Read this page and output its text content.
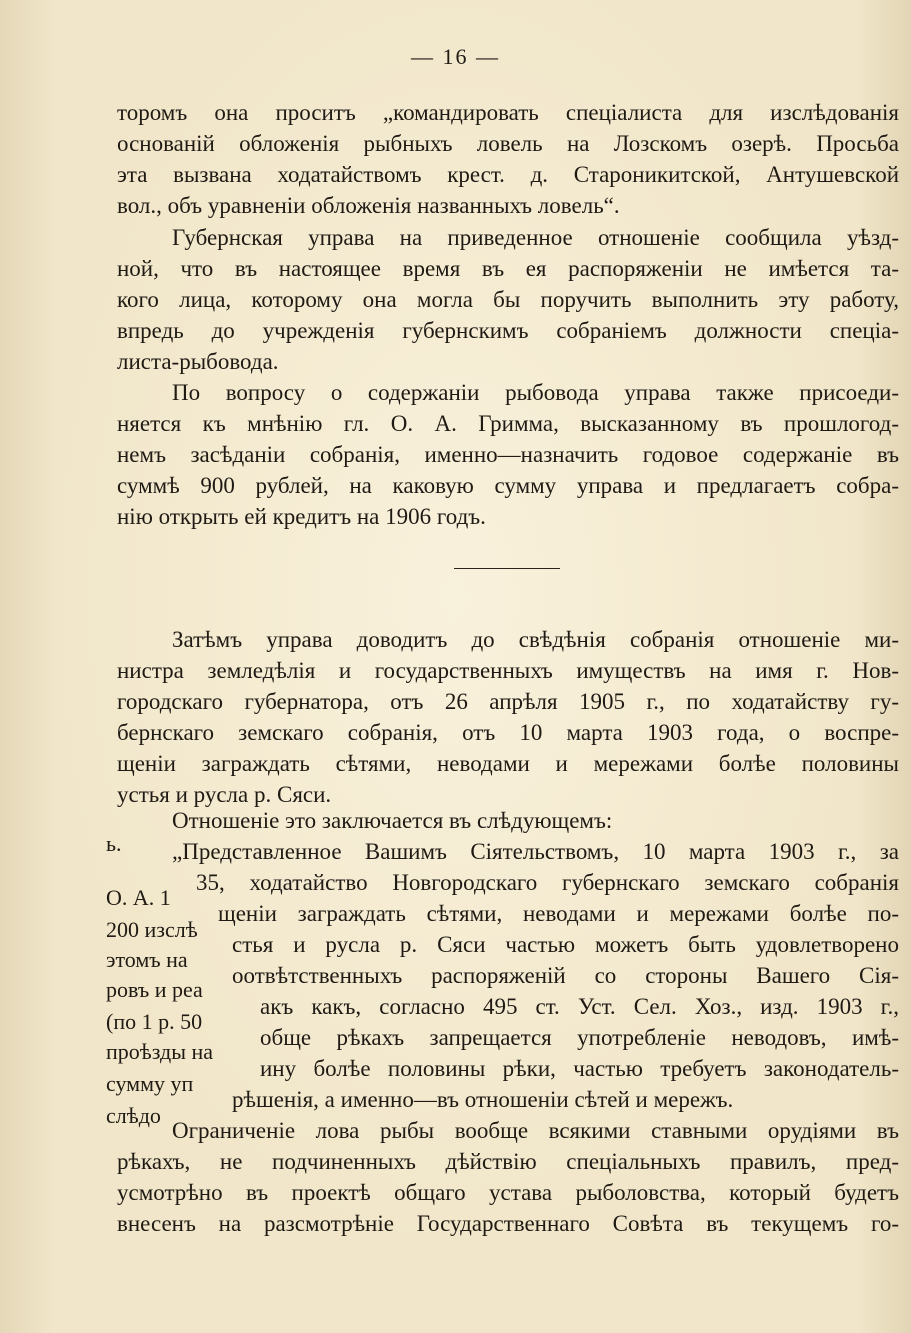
— 16 —
торомъ она проситъ „командировать спеціалиста для изслѣдованія
основаній обложенія рыбныхъ ловель на Лозскомъ озерѣ. Просьба
эта вызвана ходатайствомъ крест. д. Староникитской, Антушевской
вол., объ уравненіи обложенія названныхъ ловель“.
Губернская управа на приведенное отношеніе сообщила уѣзд-
ной, что въ настоящее время въ ея распоряженіи не имѣется та-
кого лица, которому она могла бы поручить выполнить эту работу,
впредь до учрежденія губернскимъ собраніемъ должности спеціа-
листа-рыбовода.
По вопросу о содержаніи рыбовода управа также присоеди-
няется къ мнѣнію гл. О. А. Гримма, высказанному въ прошлогод-
немъ засѣданіи собранія, именно—назначить годовое содержаніе въ
суммѣ 900 рублей, на каковую сумму управа и предлагаетъ собра-
нію открыть ей кредитъ на 1906 годъ.
Затѣмъ управа доводитъ до свѣдѣнія собранія отношеніе ми-
нистра земледѣлія и государственныхъ имуществъ на имя г. Нов-
городскаго губернатора, отъ 26 апрѣля 1905 г., по ходатайству гу-
бернскаго земскаго собранія, отъ 10 марта 1903 года, о воспре-
щеніи заграждать сѣтями, неводами и мережами болѣе половины
устья и русла р. Сяси.
Отношеніе это заключается въ слѣдующемъ:
„Представленное Вашимъ Сіятельствомъ, 10 марта 1903 г., за
35, ходатайство Новгородскаго губернскаго земскаго собранія
щеніи заграждать сѣтями, неводами и мережами болѣе по-
стья и русла р. Сяси частью можетъ быть удовлетворено
оотвѣтственныхъ распоряженій со стороны Вашего Сія-
акъ какъ, согласно 495 ст. Уст. Сел. Хоз., изд. 1903 г.,
обще рѣкахъ запрещается употребленіе неводовъ, имѣ-
ину болѣе половины рѣки, частью требуетъ законодатель-
рѣшенія, а именно—въ отношеніи сѣтей и мережъ.
Ограниченіе лова рыбы вообще всякими ставными орудіями въ
рѣкахъ, не подчиненныхъ дѣйствію спеціальныхъ правилъ, пред-
усмотрѣно въ проектѣ общаго устава рыболовства, который будетъ
внесенъ на разсмотрѣніе Государственнаго Совѣта въ текущемъ го-
ь.
О. А. 1
200 изслѣ
этомъ на
ровъ и реа
(по 1 р. 50
проѣзды на
сумму уп
слѣдо
